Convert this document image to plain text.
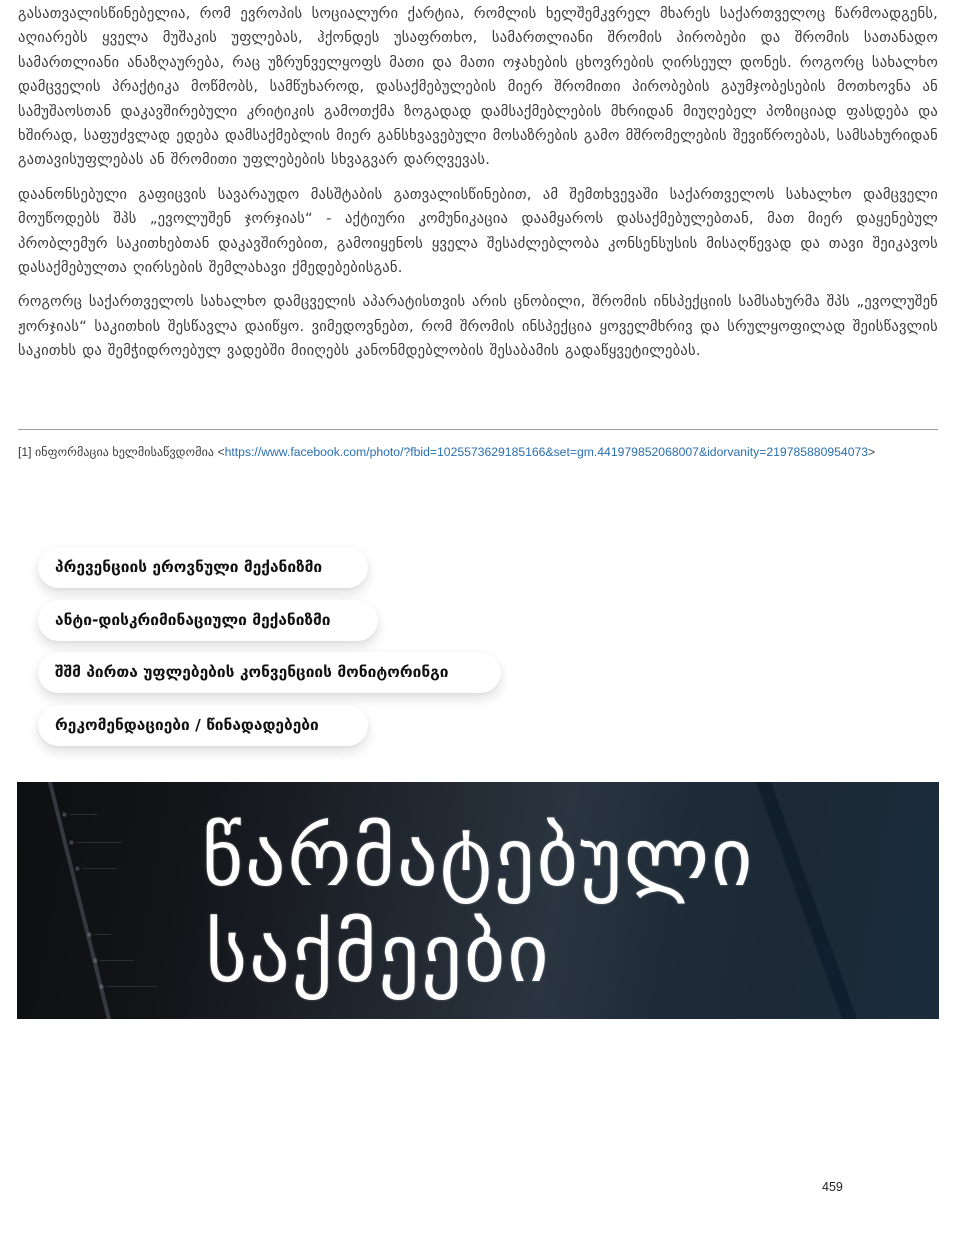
გასათვალისწინებელია, რომ ევროპის სოციალური ქარტია, რომლის ხელშემკვრელ მხარეს საქართველოც წარმოადგენს, აღიარებს ყველა მუშაკის უფლებას, ჰქონდეს უსაფრთხო, სამართლიანი შრომის პირობები და შრომის სათანადო სამართლიანი ანაზღაურება, რაც უზრუნველყოფს მათი და მათი ოჯახების ცხოვრების ღირსეულ დონეს. როგორც სახალხო დამცველის პრაქტიკა მოწმობს, სამწუხაროდ, დასაქმებულების მიერ შრომითი პირობების გაუმჯობესების მოთხოვნა ან სამუშაოსთან დაკავშირებული კრიტიკის გამოთქმა ზოგადად დამსაქმებლების მხრიდან მიუღებელ პოზიციად ფასდება და ხშირად, საფუძვლად ედება დამსაქმებლის მიერ განსხვავებული მოსაზრების გამო მშრომელების შევიწროებას, სამსახურიდან გათავისუფლებას ან შრომითი უფლებების სხვაგვარ დარღვევას.

დაანონსებული გაფიცვის სავარაუდო მასშტაბის გათვალისწინებით, ამ შემთხვევაში საქართველოს სახალხო დამცველი მოუწოდებს შპს „ევოლუშენ ჯორჯიას“ - აქტიური კომუნიკაცია დაამყაროს დასაქმებულებთან, მათ მიერ დაყენებულ პრობლემურ საკითხებთან დაკავშირებით, გამოიყენოს ყველა შესაძლებლობა კონსენსუსის მისაღწევად და თავი შეიკავოს დასაქმებულთა ღირსების შემლახავი ქმედებებისგან.

როგორც საქართველოს სახალხო დამცველის აპარატისთვის არის ცნობილი, შრომის ინსპექციის სამსახურმა შპს „ევოლუშენ ჟორჯიას“ საკითხის შესწავლა დაიწყო. ვიმედოვნებთ, რომ შრომის ინსპექცია ყოველმხრივ და სრულყოფილად შეისწავლის საკითხს და შემჭიდროებულ ვადებში მიიღებს კანონმდებლობის შესაბამის გადაწყვეტილებას.

[1] ინფორმაცია ხელმისაწვდომია <https://www.facebook.com/photo/?fbid=1025573629185166&set=gm.441979852068007&idorvanity=219785880954073>
პრევენციის ეროვნული მექანიზმი
ანტი-დისკრიმინაციული მექანიზმი
შშმ პირთა უფლებების კონვენციის მონიტორინგი
რეკომენდაციები / წინადადებები
■ ─────
■ ────────
■ ──────
■ ───
■ ──────
■ ─────────
წარმატებული
საქმეები
459
